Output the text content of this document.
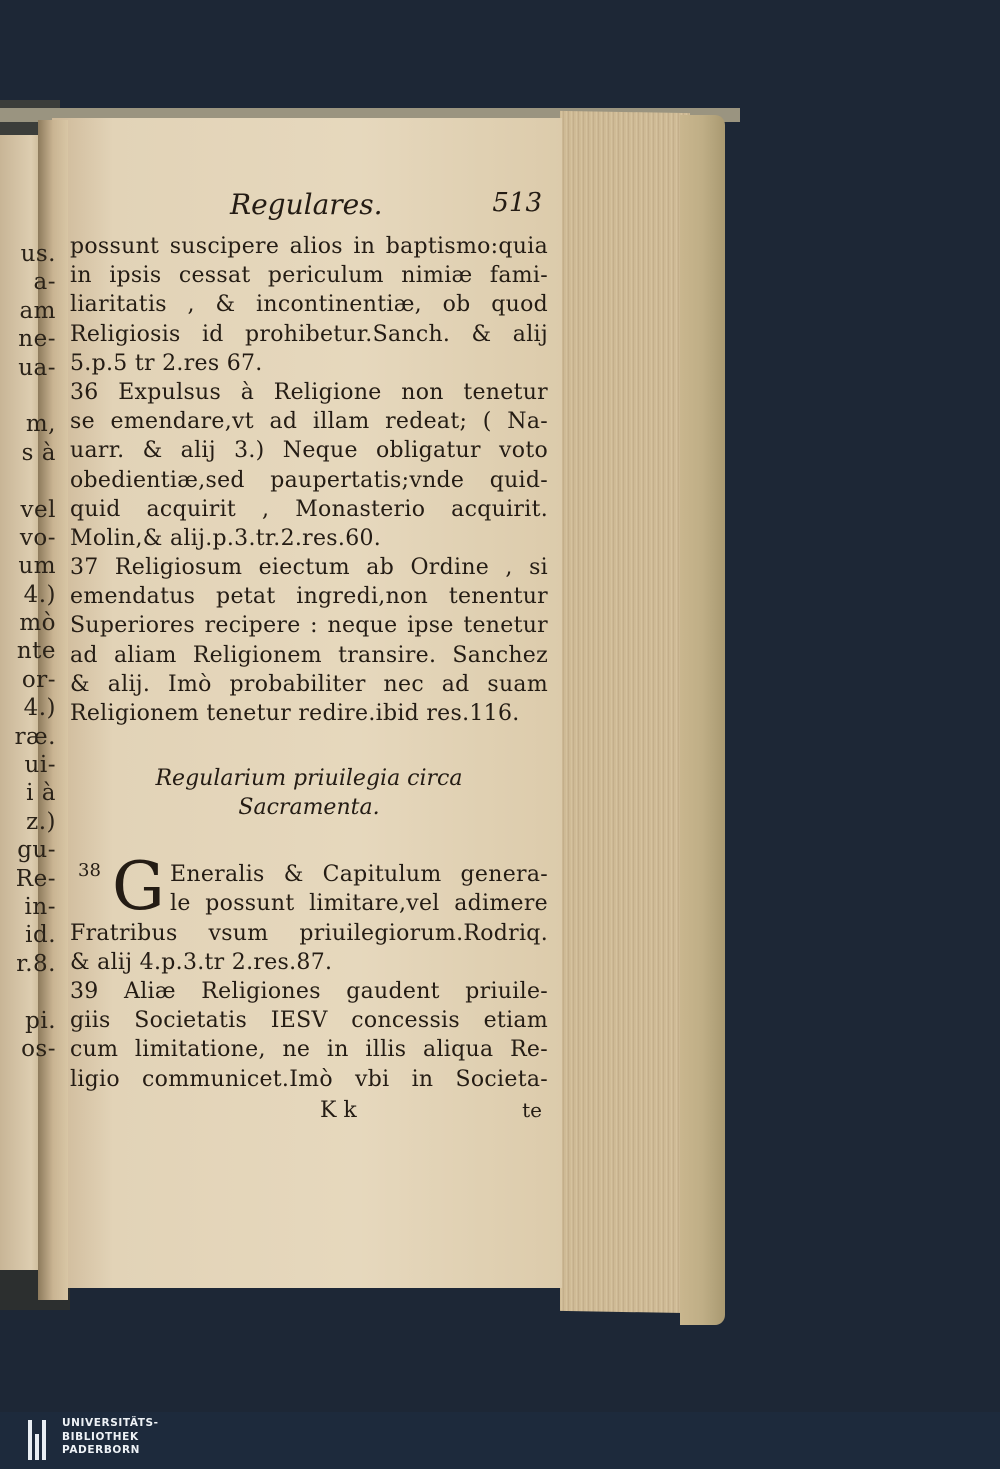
us.
a-
am
ne-
ua-
m,
s à
vel
vo-
um
4.)
mò
nte
or-
4.)
ræ.
ui-
i à
z.)
gu-
Re-
in-
id.
r.8.
pi.
os-
Regulares.	513
possunt suscipere alios in baptismo:quia
in ipsis cessat periculum nimiæ fami-
liaritatis , & incontinentiæ, ob quod
Religiosis id prohibetur.Sanch. & alij
5.p.5 tr 2.res 67.
36 Expulsus à Religione non tenetur
se emendare,vt ad illam redeat; ( Na-
uarr. & alij 3.) Neque obligatur voto
obedientiæ,sed paupertatis;vnde quid-
quid acquirit , Monasterio acquirit.
Molin,& alij.p.3.tr.2.res.60.
37 Religiosum eiectum ab Ordine , si
emendatus petat ingredi,non tenentur
Superiores recipere : neque ipse tenetur
ad aliam Religionem transire. Sanchez
& alij. Imò probabiliter nec ad suam
Religionem tenetur redire.ibid res.116.
Regularium priuilegia circa
Sacramenta.
38 G Eneralis & Capitulum genera-
le possunt limitare,vel adimere
Fratribus vsum priuilegiorum.Rodriq.
& alij 4.p.3.tr 2.res.87.
39 Aliæ Religiones gaudent priuile-
giis Societatis IESV concessis etiam
cum limitatione, ne in illis aliqua Re-
ligio communicet.Imò vbi in Societa-
K k	te
UNIVERSITÄTS-
BIBLIOTHEK
PADERBORN
